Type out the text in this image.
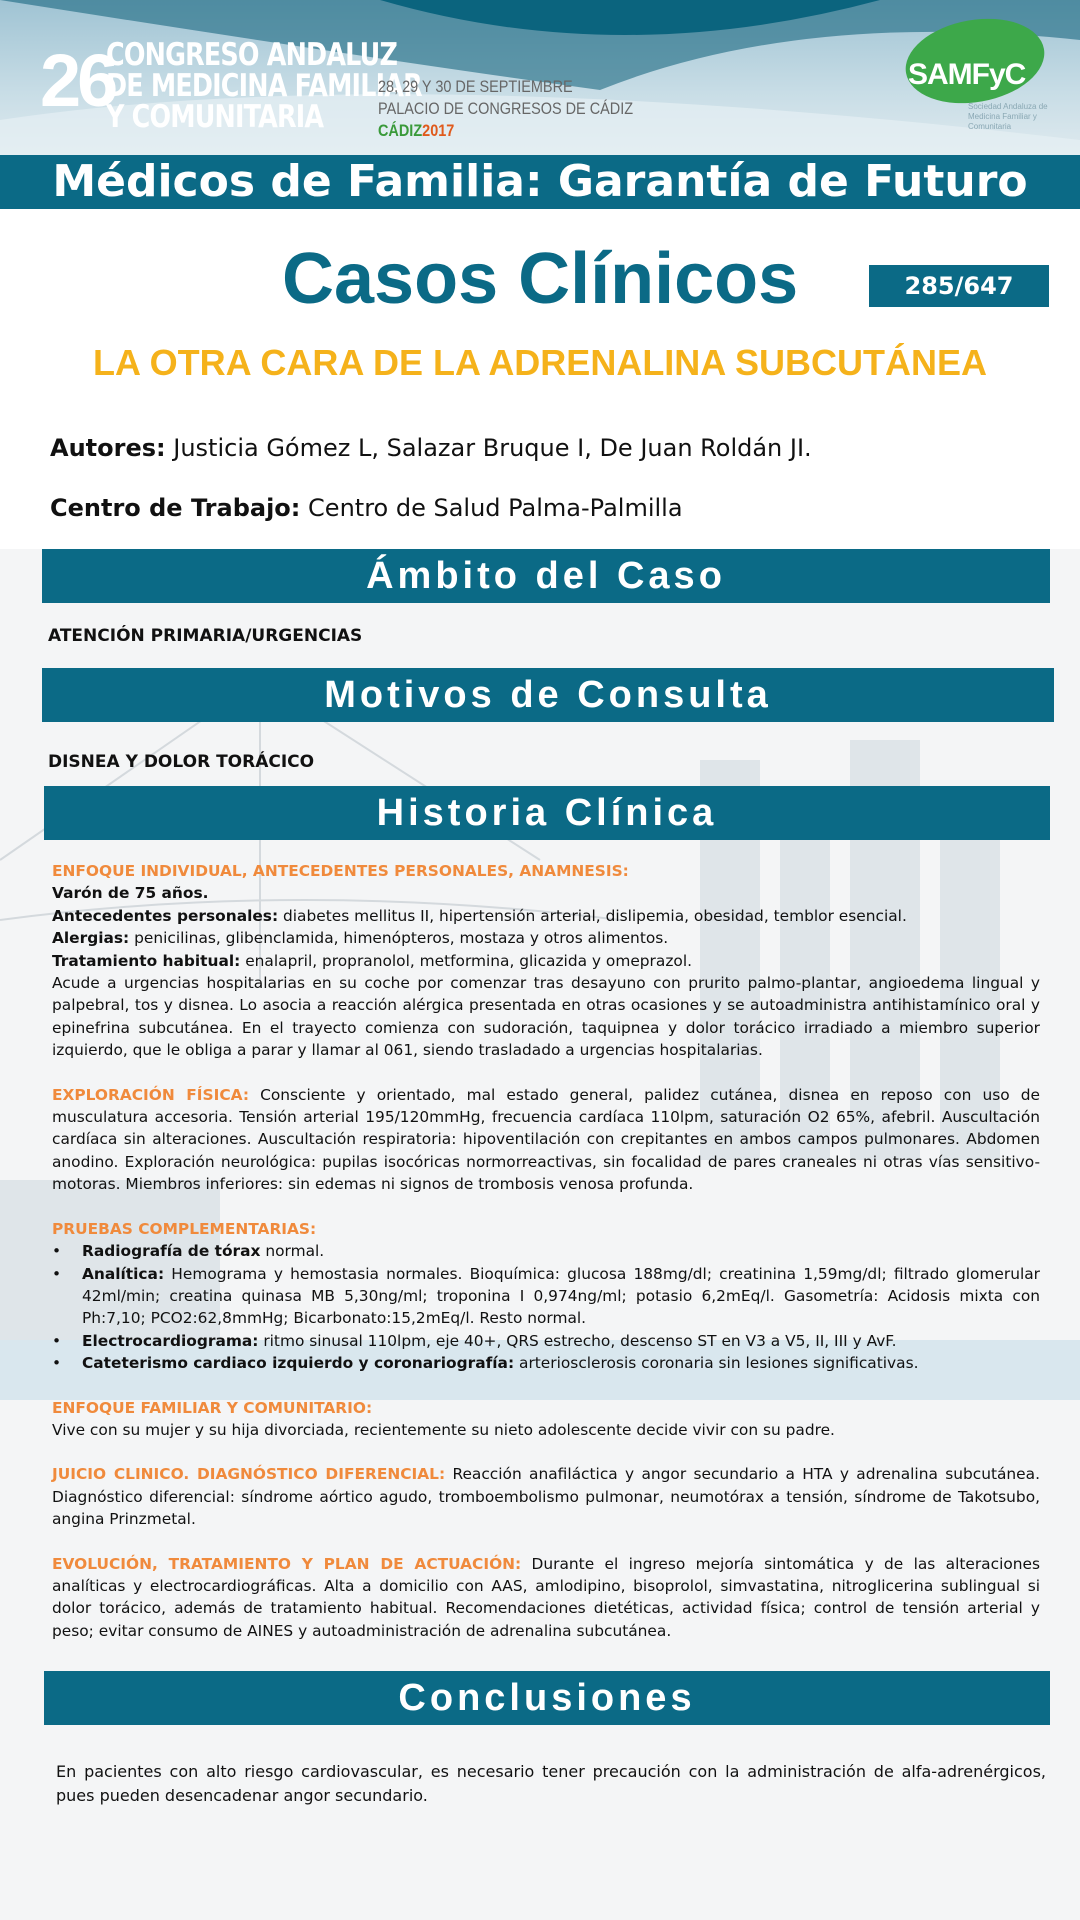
26
CONGRESO ANDALUZ
DE MEDICINA FAMILIAR
Y COMUNITARIA
28, 29 Y 30 DE SEPTIEMBRE
PALACIO DE CONGRESOS DE CÁDIZ
CÁDIZ2017
SAMFyC
Sociedad Andaluza de Medicina Familiar y Comunitaria
Médicos de Familia: Garantía de Futuro
Casos Clínicos	285/647
LA OTRA CARA DE LA ADRENALINA SUBCUTÁNEA
Autores: Justicia Gómez L, Salazar Bruque I, De Juan Roldán JI.
Centro de Trabajo: Centro de Salud Palma-Palmilla
Ámbito del Caso
ATENCIÓN PRIMARIA/URGENCIAS
Motivos de Consulta
DISNEA Y DOLOR TORÁCICO
Historia Clínica

ENFOQUE INDIVIDUAL, ANTECEDENTES PERSONALES, ANAMNESIS:

Varón de 75 años.

Antecedentes personales: diabetes mellitus II, hipertensión arterial, dislipemia, obesidad, temblor esencial.

Alergias: penicilinas, glibenclamida, himenópteros, mostaza y otros alimentos.

Tratamiento habitual: enalapril, propranolol, metformina, glicazida y omeprazol.

Acude a urgencias hospitalarias en su coche por comenzar tras desayuno con prurito palmo-plantar, angioedema lingual y palpebral, tos y disnea. Lo asocia a reacción alérgica presentada en otras ocasiones y se autoadministra antihistamínico oral y epinefrina subcutánea. En el trayecto comienza con sudoración, taquipnea y dolor torácico irradiado a miembro superior izquierdo, que le obliga a parar y llamar al 061, siendo trasladado a urgencias hospitalarias.

EXPLORACIÓN FÍSICA: Consciente y orientado, mal estado general, palidez cutánea, disnea en reposo con uso de musculatura accesoria. Tensión arterial 195/120mmHg, frecuencia cardíaca 110lpm, saturación O2 65%, afebril. Auscultación cardíaca sin alteraciones. Auscultación respiratoria: hipoventilación con crepitantes en ambos campos pulmonares. Abdomen anodino. Exploración neurológica: pupilas isocóricas normorreactivas, sin focalidad de pares craneales ni otras vías sensitivo-motoras. Miembros inferiores: sin edemas ni signos de trombosis venosa profunda.

PRUEBAS COMPLEMENTARIAS:

• Radiografía de tórax normal.
• Analítica: Hemograma y hemostasia normales. Bioquímica: glucosa 188mg/dl; creatinina 1,59mg/dl; filtrado glomerular 42ml/min; creatina quinasa MB 5,30ng/ml; troponina I 0,974ng/ml; potasio 6,2mEq/l. Gasometría: Acidosis mixta con Ph:7,10; PCO2:62,8mmHg; Bicarbonato:15,2mEq/l. Resto normal.
• Electrocardiograma: ritmo sinusal 110lpm, eje 40+, QRS estrecho, descenso ST en V3 a V5, II, III y AvF.
• Cateterismo cardiaco izquierdo y coronariografía: arteriosclerosis coronaria sin lesiones significativas.

ENFOQUE FAMILIAR Y COMUNITARIO:

Vive con su mujer y su hija divorciada, recientemente su nieto adolescente decide vivir con su padre.

JUICIO CLINICO. DIAGNÓSTICO DIFERENCIAL: Reacción anafiláctica y angor secundario a HTA y adrenalina subcutánea. Diagnóstico diferencial: síndrome aórtico agudo, tromboembolismo pulmonar, neumotórax a tensión, síndrome de Takotsubo, angina Prinzmetal.

EVOLUCIÓN, TRATAMIENTO Y PLAN DE ACTUACIÓN: Durante el ingreso mejoría sintomática y de las alteraciones analíticas y electrocardiográficas. Alta a domicilio con AAS, amlodipino, bisoprolol, simvastatina, nitroglicerina sublingual si dolor torácico, además de tratamiento habitual. Recomendaciones dietéticas, actividad física; control de tensión arterial y peso; evitar consumo de AINES y autoadministración de adrenalina subcutánea.

Conclusiones
En pacientes con alto riesgo cardiovascular, es necesario tener precaución con la administración de alfa-adrenérgicos, pues pueden desencadenar angor secundario.
